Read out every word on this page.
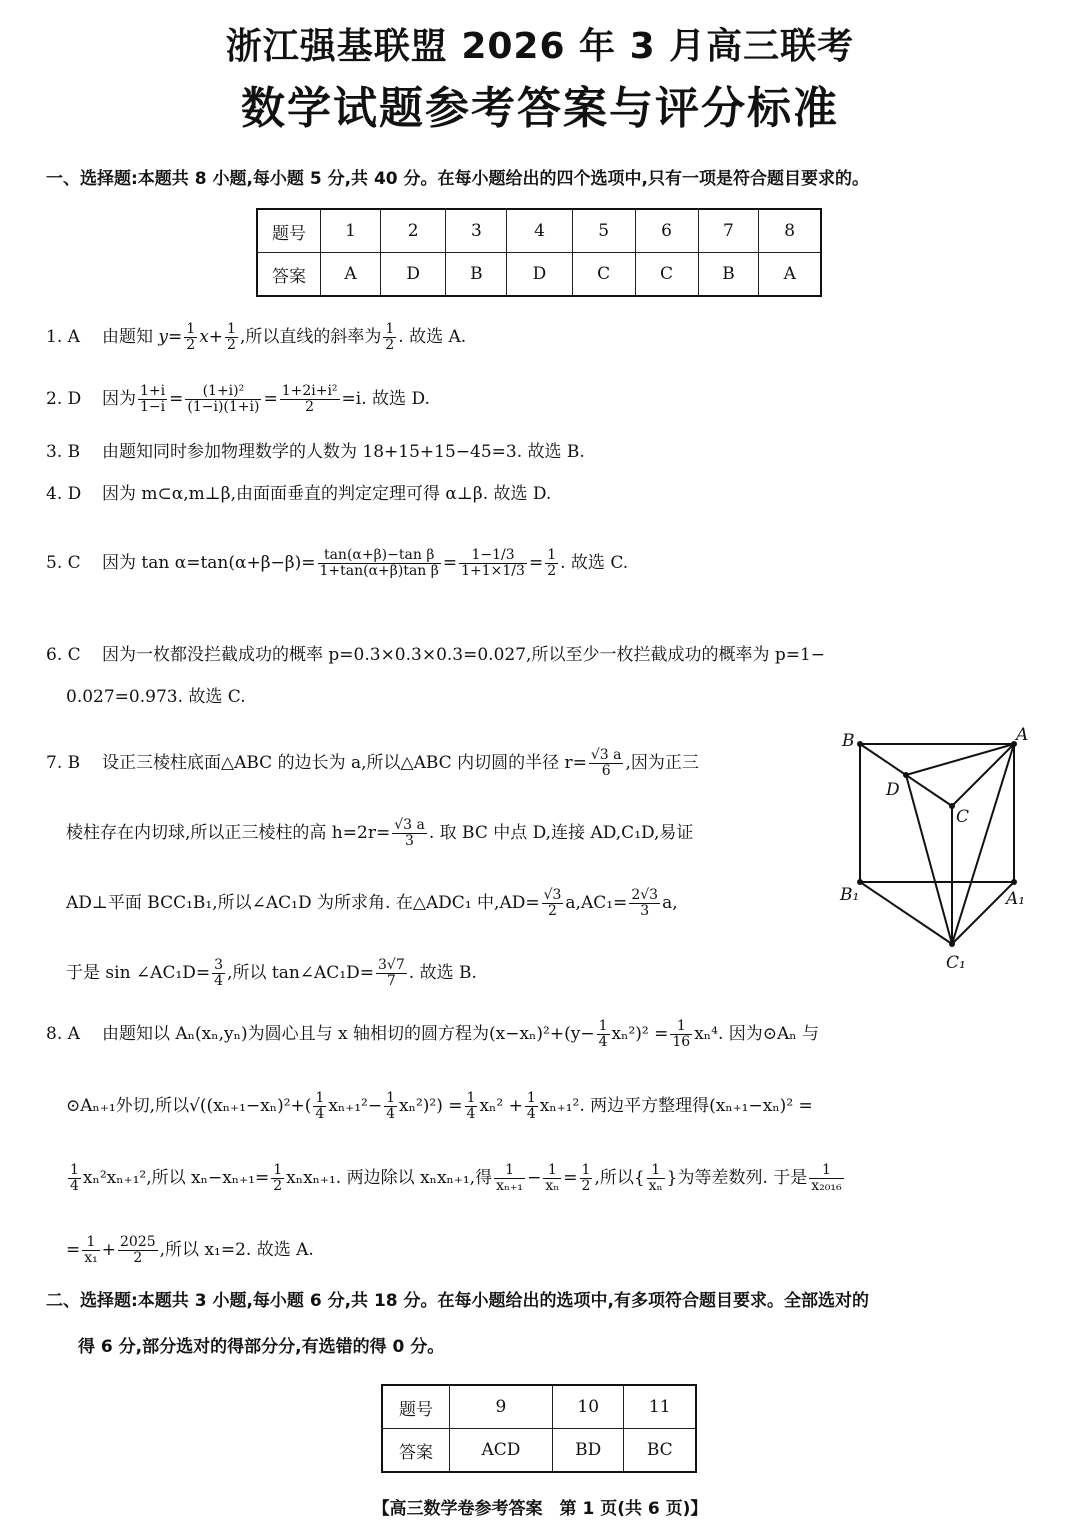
浙江强基联盟 2026 年 3 月高三联考
数学试题参考答案与评分标准
一、选择题:本题共 8 小题,每小题 5 分,共 40 分。在每小题给出的四个选项中,只有一项是符合题目要求的。
题号	1	2	3	4	5	6	7	8
答案	A	D	B	D	C	C	B	A
1. A 由题知 $y= \frac{1}{2} x+ \frac{1}{2}$ ,所以直线的斜率为 $\frac{1}{2}$ . 故选 A.
2. D 因为 $\frac{1+i}{1-i} = \frac{\text{(1+i)²}}{(1-i)(1+i)} = \frac{\text{1+2i+i²}}{2} =i$. 故选 D.
3. B 由题知同时参加物理数学的人数为 18+15+15−45=3. 故选 B.
4. D 因为 m⊂α,m⊥β,由面面垂直的判定定理可得 α⊥β. 故选 D.
5. C 因为 $\tan \alpha=\tan(\alpha+\beta-\beta)= \frac{\text{tan(α+β)−tan β}}{\text{1+tan(α+β)tan β}} = \frac{1-1/3}{1+1\times 1/3} = \frac{1}{2}$ . 故选 C.
6. C 因为一枚都没拦截成功的概率 p=0.3×0.3×0.3=0.027,所以至少一枚拦截成功的概率为 p=1−
0.027=0.973. 故选 C.
7. B 设正三棱柱底面△ABC 的边长为 a,所以△ABC 内切圆的半径 $r= \frac{√3 a}{6}$ ,因为正三
棱柱存在内切球,所以正三棱柱的高 $h=2r= \frac{√3 a}{3}$ . 取 BC 中点 D,连接 AD,C₁D,易证
AD⊥平面 BCC₁B₁,所以∠AC₁D 为所求角. 在△ADC₁ 中$,AD= \frac{√3}{2} a,AC_1= \frac{2√3}{3} a$,
于是 sin ∠AC₁D= $\frac{3}{4}$ ,所以 tan∠AC₁D= $\frac{3√7}{7}$ . 故选 B.
B	A
D
C
B₁	A₁
C₁
8. A 由题知以 Aₙ(xₙ,yₙ)为圆心且与 x 轴相切的圆方程为$(x-x_n)^2+(y- \frac{1}{4} x_n^2)^2 = \frac{1}{16} x_n^4$. 因为⊙Aₙ 与
⊙Aₙ₊₁外切,所以$√((x_{n+1}-x_n)^2+( \frac{1}{4} x_{n+1}^2- \frac{1}{4} x_n^2)^2) = \frac{1}{4} x_n^2 + \frac{1}{4} x_{n+1}^2$. 两边平方整理得(xₙ₊₁−xₙ)² =

$\frac{1}{4} x_n^2x_{n+1}^2$,所以 $x_n-x_{n+1}= \frac{1}{2} x_nx_{n+1}$. 两边除以 xₙxₙ₊₁,得 $\frac{1}{\text{xₙ₊₁}} - \frac{1}{\text{xₙ}} = \frac{1}{2}$ ,所以{ $\frac{1}{\text{xₙ}}$ }为等差数列. 于是 $\frac{1}{\text{x₂₀₁₆}}$

= $\frac{1}{\text{x₁}} + \frac{2025}{2}$ ,所以 x₁=2. 故选 A.
二、选择题:本题共 3 小题,每小题 6 分,共 18 分。在每小题给出的选项中,有多项符合题目要求。全部选对的
得 6 分,部分选对的得部分分,有选错的得 0 分。
题号	9	10	11
答案	ACD	BD	BC
【高三数学卷参考答案　第 1 页(共 6 页)】
